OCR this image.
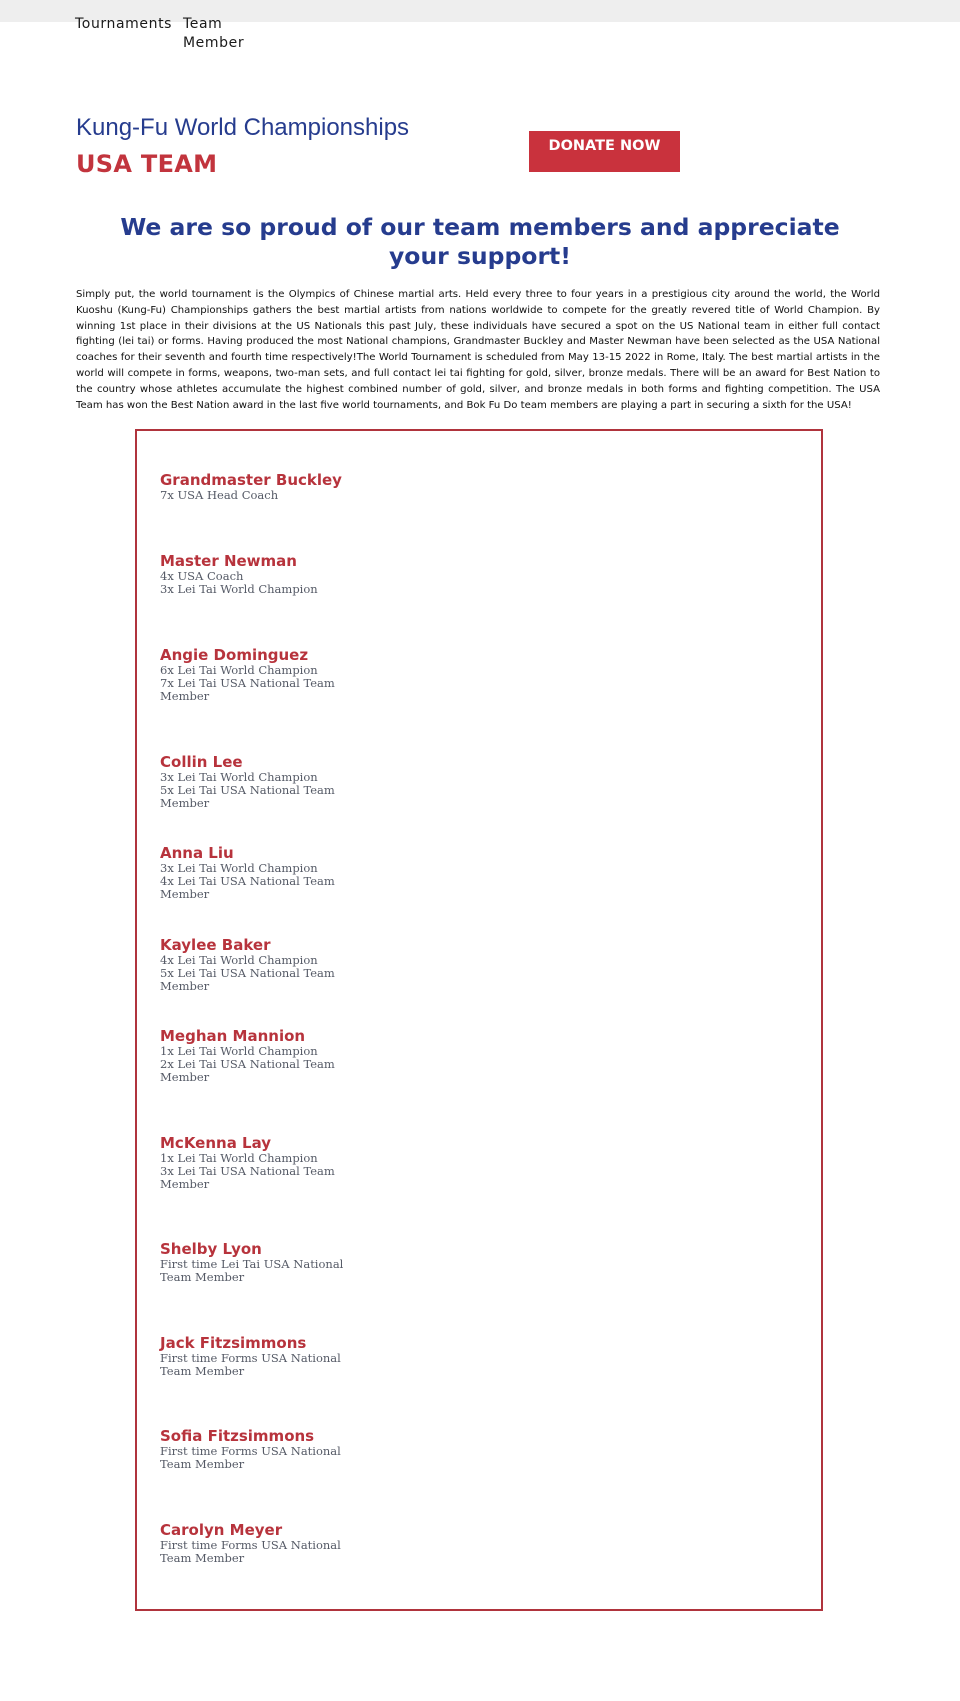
Tournaments Team Member
Kung-Fu World Championships
USA TEAM
DONATE NOW
We are so proud of our team members and appreciate your support!

Simply put, the world tournament is the Olympics of Chinese martial arts. Held every three to four years in a prestigious city around the world, the World Kuoshu (Kung-Fu) Championships gathers the best martial artists from nations worldwide to compete for the greatly revered title of World Champion. By winning 1st place in their divisions at the US Nationals this past July, these individuals have secured a spot on the US National team in either full contact fighting (lei tai) or forms. Having produced the most National champions, Grandmaster Buckley and Master Newman have been selected as the USA National coaches for their seventh and fourth time respectively!The World Tournament is scheduled from May 13-15 2022 in Rome, Italy. The best martial artists in the world will compete in forms, weapons, two-man sets, and full contact lei tai fighting for gold, silver, bronze medals. There will be an award for Best Nation to the country whose athletes accumulate the highest combined number of gold, silver, and bronze medals in both forms and fighting competition. The USA Team has won the Best Nation award in the last five world tournaments, and Bok Fu Do team members are playing a part in securing a sixth for the USA!

Grandmaster Buckley
7x USA Head Coach
Master Newman
4x USA Coach
3x Lei Tai World Champion
Angie Dominguez
6x Lei Tai World Champion
7x Lei Tai USA National Team
Member
Collin Lee
3x Lei Tai World Champion
5x Lei Tai USA National Team
Member
Anna Liu
3x Lei Tai World Champion
4x Lei Tai USA National Team
Member
Kaylee Baker
4x Lei Tai World Champion
5x Lei Tai USA National Team
Member
Meghan Mannion
1x Lei Tai World Champion
2x Lei Tai USA National Team
Member
McKenna Lay
1x Lei Tai World Champion
3x Lei Tai USA National Team
Member
Shelby Lyon
First time Lei Tai USA National
Team Member
Jack Fitzsimmons
First time Forms USA National
Team Member
Sofia Fitzsimmons
First time Forms USA National
Team Member
Carolyn Meyer
First time Forms USA National
Team Member
